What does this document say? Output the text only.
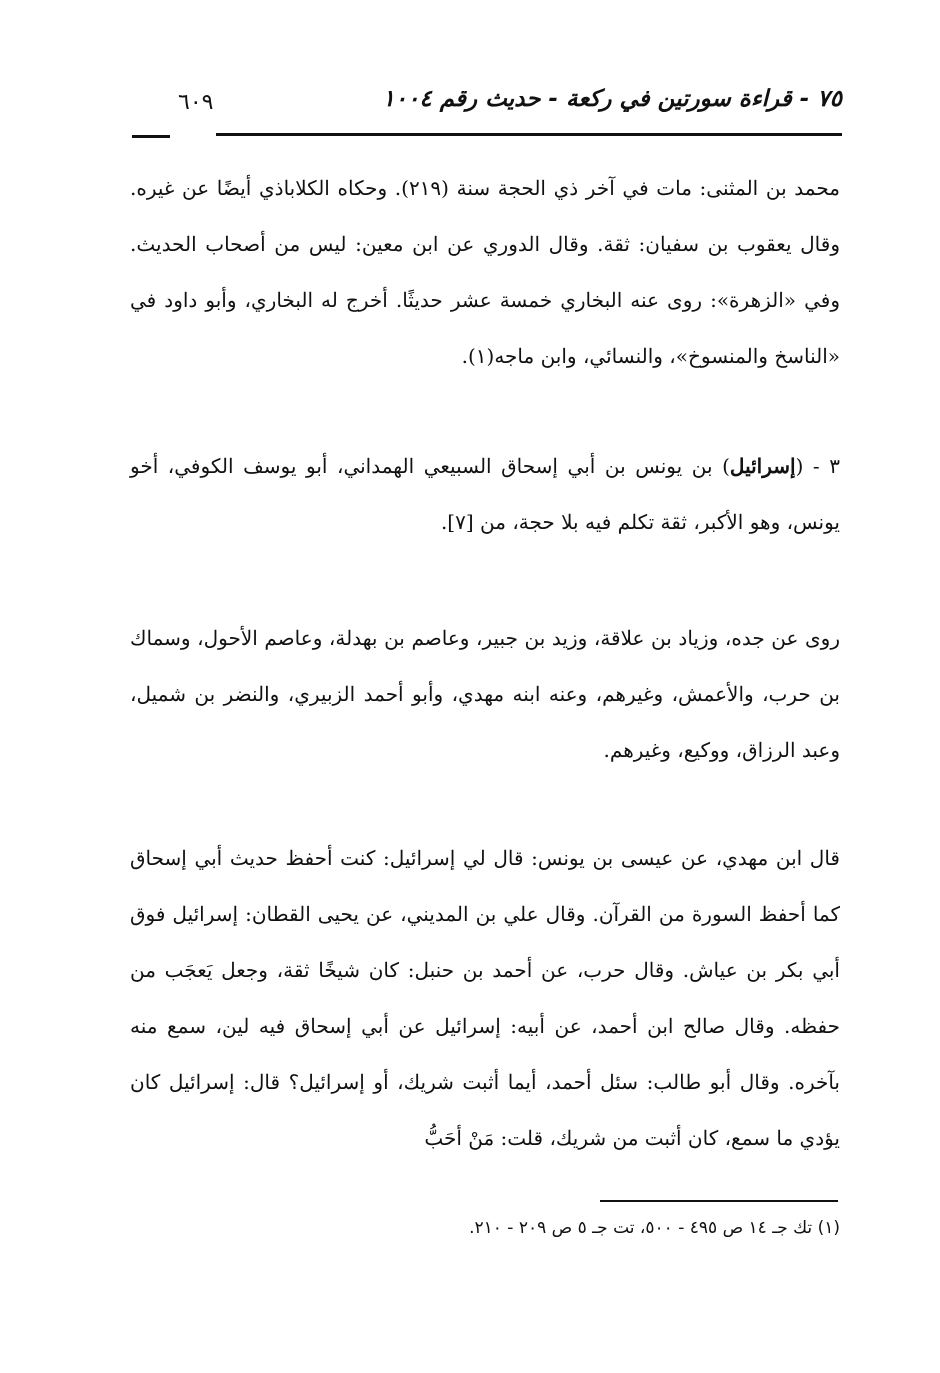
٧٥ - قراءة سورتين في ركعة - حديث رقم ١٠٠٤
٦٠٩

محمد بن المثنى: مات في آخر ذي الحجة سنة (٢١٩). وحكاه الكلاباذي أيضًا عن غيره. وقال يعقوب بن سفيان: ثقة. وقال الدوري عن ابن معين: ليس من أصحاب الحديث. وفي «الزهرة»: روى عنه البخاري خمسة عشر حديثًا. أخرج له البخاري، وأبو داود في «الناسخ والمنسوخ»، والنسائي، وابن ماجه(١).

٣ - (إسرائيل) بن يونس بن أبي إسحاق السبيعي الهمداني، أبو يوسف الكوفي، أخو يونس، وهو الأكبر، ثقة تكلم فيه بلا حجة، من [٧].

روى عن جده، وزياد بن علاقة، وزيد بن جبير، وعاصم بن بهدلة، وعاصم الأحول، وسماك بن حرب، والأعمش، وغيرهم، وعنه ابنه مهدي، وأبو أحمد الزبيري، والنضر بن شميل، وعبد الرزاق، ووكيع، وغيرهم.

قال ابن مهدي، عن عيسى بن يونس: قال لي إسرائيل: كنت أحفظ حديث أبي إسحاق كما أحفظ السورة من القرآن. وقال علي بن المديني، عن يحيى القطان: إسرائيل فوق أبي بكر بن عياش. وقال حرب، عن أحمد بن حنبل: كان شيخًا ثقة، وجعل يَعجَب من حفظه. وقال صالح ابن أحمد، عن أبيه: إسرائيل عن أبي إسحاق فيه لين، سمع منه بآخره. وقال أبو طالب: سئل أحمد، أيما أثبت شريك، أو إسرائيل؟ قال: إسرائيل كان يؤدي ما سمع، كان أثبت من شريك، قلت: مَنْ أحَبُّ

(١) تك جـ ١٤ ص ٤٩٥ - ٥٠٠، تت جـ ٥ ص ٢٠٩ - ٢١٠.
